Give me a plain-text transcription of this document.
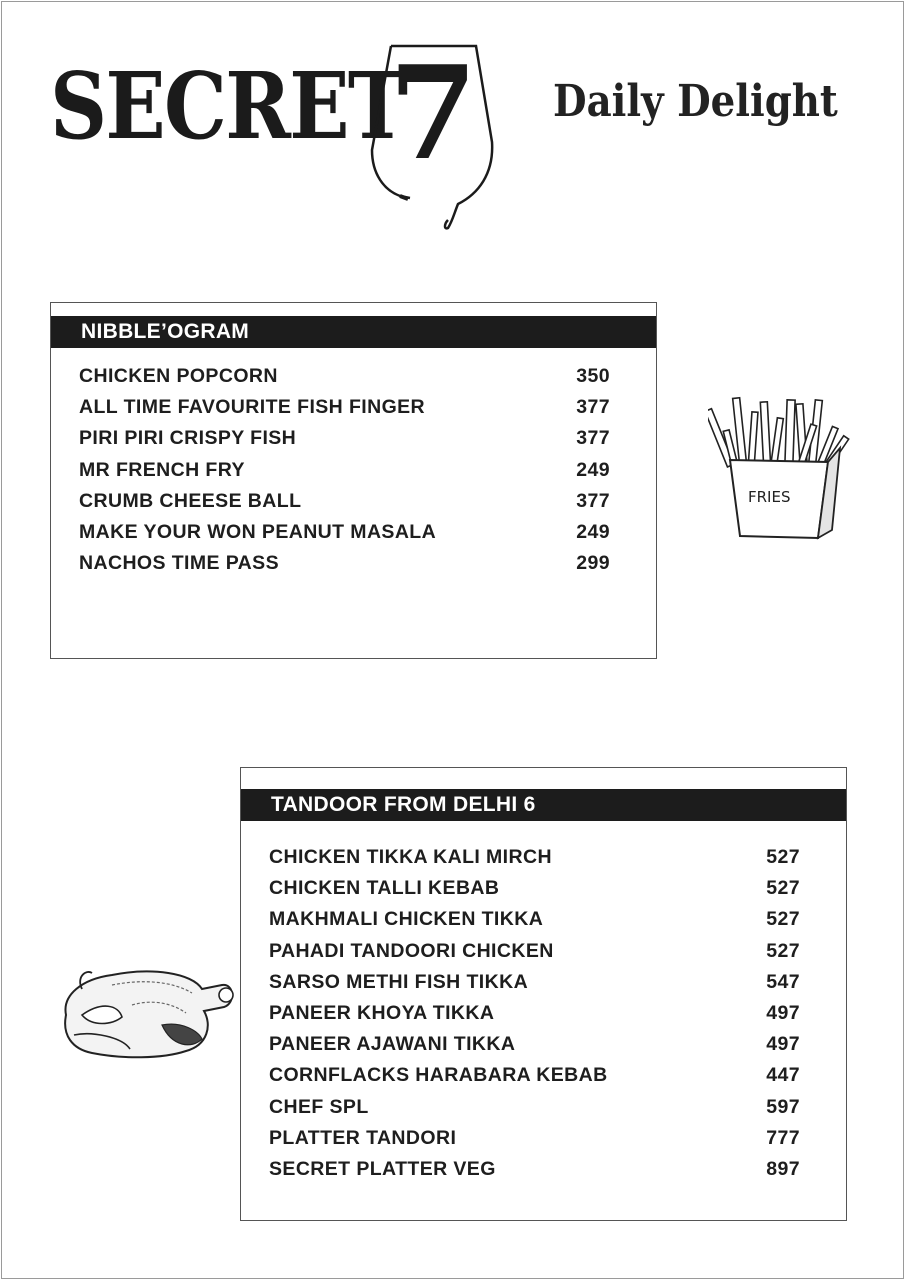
SECRET
7 Daily Delight
NIBBLE’OGRAM
CHICKEN POPCORN	350
ALL TIME FAVOURITE FISH FINGER	377
PIRI PIRI CRISPY FISH	377
MR FRENCH FRY	249
CRUMB CHEESE BALL	377
MAKE YOUR WON PEANUT MASALA	249
NACHOS TIME PASS	299
FRIES
TANDOOR FROM DELHI 6
CHICKEN TIKKA KALI MIRCH	527
CHICKEN TALLI KEBAB	527
MAKHMALI CHICKEN TIKKA	527
PAHADI TANDOORI CHICKEN	527
SARSO METHI FISH TIKKA	547
PANEER KHOYA TIKKA	497
PANEER AJAWANI TIKKA	497
CORNFLACKS HARABARA KEBAB	447
CHEF SPL	597
PLATTER TANDORI	777
SECRET PLATTER VEG	897
